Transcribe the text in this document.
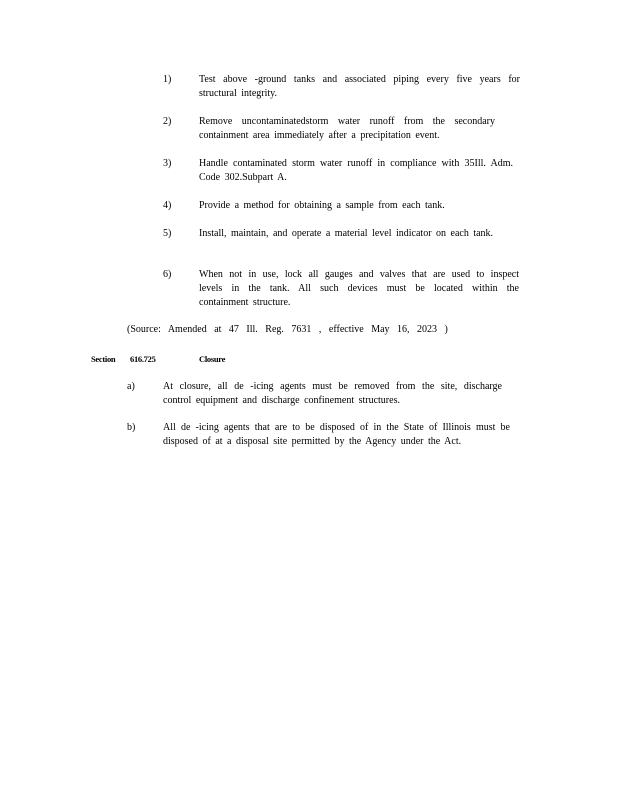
1)	Test above -ground tanks and associated piping every five years for structural integrity.
2)	Remove uncontaminatedstorm water runoff from the secondary containment area immediately after a precipitation event.
3)	Handle contaminated storm water runoff in compliance with 35Ill. Adm. Code 302.Subpart A.
4)	Provide a method for obtaining a sample from each tank.
5)	Install, maintain, and operate a material level indicator on each tank.
6)	When not in use, lock all gauges and valves that are used to inspect levels in the tank. All such devices must be located within the containment structure.
(Source: Amended at 47 Ill. Reg. 7631 , effective May 16, 2023 )
Section 616.725	Closure
a)	At closure, all de -icing agents must be removed from the site, discharge control equipment and discharge confinement structures.
b)	All de -icing agents that are to be disposed of in the State of Illinois must be disposed of at a disposal site permitted by the Agency under the Act.
